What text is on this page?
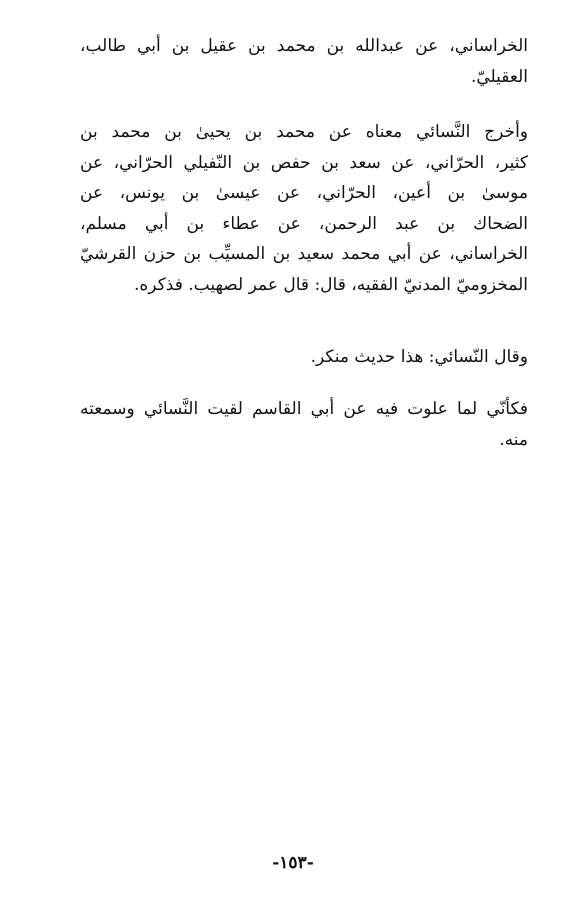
الخراساني، عن عبدالله بن محمد بن عقيل بن أبي طالب،
العقيليّ.
وأخرج النَّسائي معناه عن محمد بن يحيىٰ بن محمد بن
كثير، الحرّاني، عن سعد بن حفص بن النّفيلي الحرّاني، عن
موسىٰ بن أعين، الحرّاني، عن عيسىٰ بن يونس، عن
الضحاك بن عبد الرحمن، عن عطاء بن أبي مسلم،
الخراساني، عن أبي محمد سعيد بن المسيِّب بن حزن القرشيّ
المخزوميّ المدنيّ الفقيه، قال: قال عمر لصهيب. فذكره.
وقال النّسائي: هذا حديث منكر.
فكأنّي لما علوت فيه عن أبي القاسم لقيت النَّسائي وسمعته
منه.
-١٥٣-
